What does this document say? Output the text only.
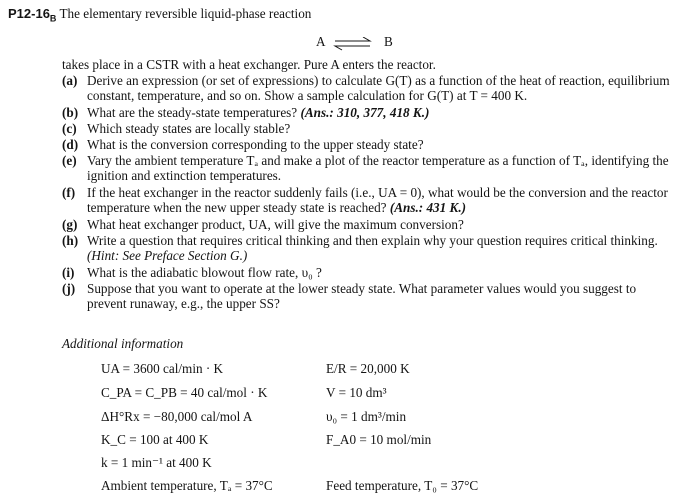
$P12-16_B$ The elementary reversible liquid-phase reaction
A ⇌ B
takes place in a CSTR with a heat exchanger. Pure A enters the reactor.
(a) Derive an expression (or set of expressions) to calculate G(T) as a function of the heat of reaction, equilibrium constant, temperature, and so on. Show a sample calculation for G(T) at T = 400 K.
(b) What are the steady-state temperatures? (Ans.: 310, 377, 418 K.)
(c) Which steady states are locally stable?
(d) What is the conversion corresponding to the upper steady state?
(e) Vary the ambient temperature Tₐ and make a plot of the reactor temperature as a function of Tₐ, identifying the ignition and extinction temperatures.
(f) If the heat exchanger in the reactor suddenly fails (i.e., UA = 0), what would be the conversion and the reactor temperature when the new upper steady state is reached? (Ans.: 431 K.)
(g) What heat exchanger product, UA, will give the maximum conversion?
(h) Write a question that requires critical thinking and then explain why your question requires critical thinking. (Hint: See Preface Section G.)
(i) What is the adiabatic blowout flow rate, υ₀ ?
(j) Suppose that you want to operate at the lower steady state. What parameter values would you suggest to prevent runaway, e.g., the upper SS?
Additional information
UA = 3600 cal/min · K
C_PA = C_PB = 40 cal/mol · K
ΔH°Rx = −80,000 cal/mol A
K_C = 100 at 400 K
k = 1 min⁻¹ at 400 K
Ambient temperature, Tₐ = 37°C
E/R = 20,000 K
V = 10 dm³
υ₀ = 1 dm³/min
F_A0 = 10 mol/min
Feed temperature, T₀ = 37°C
